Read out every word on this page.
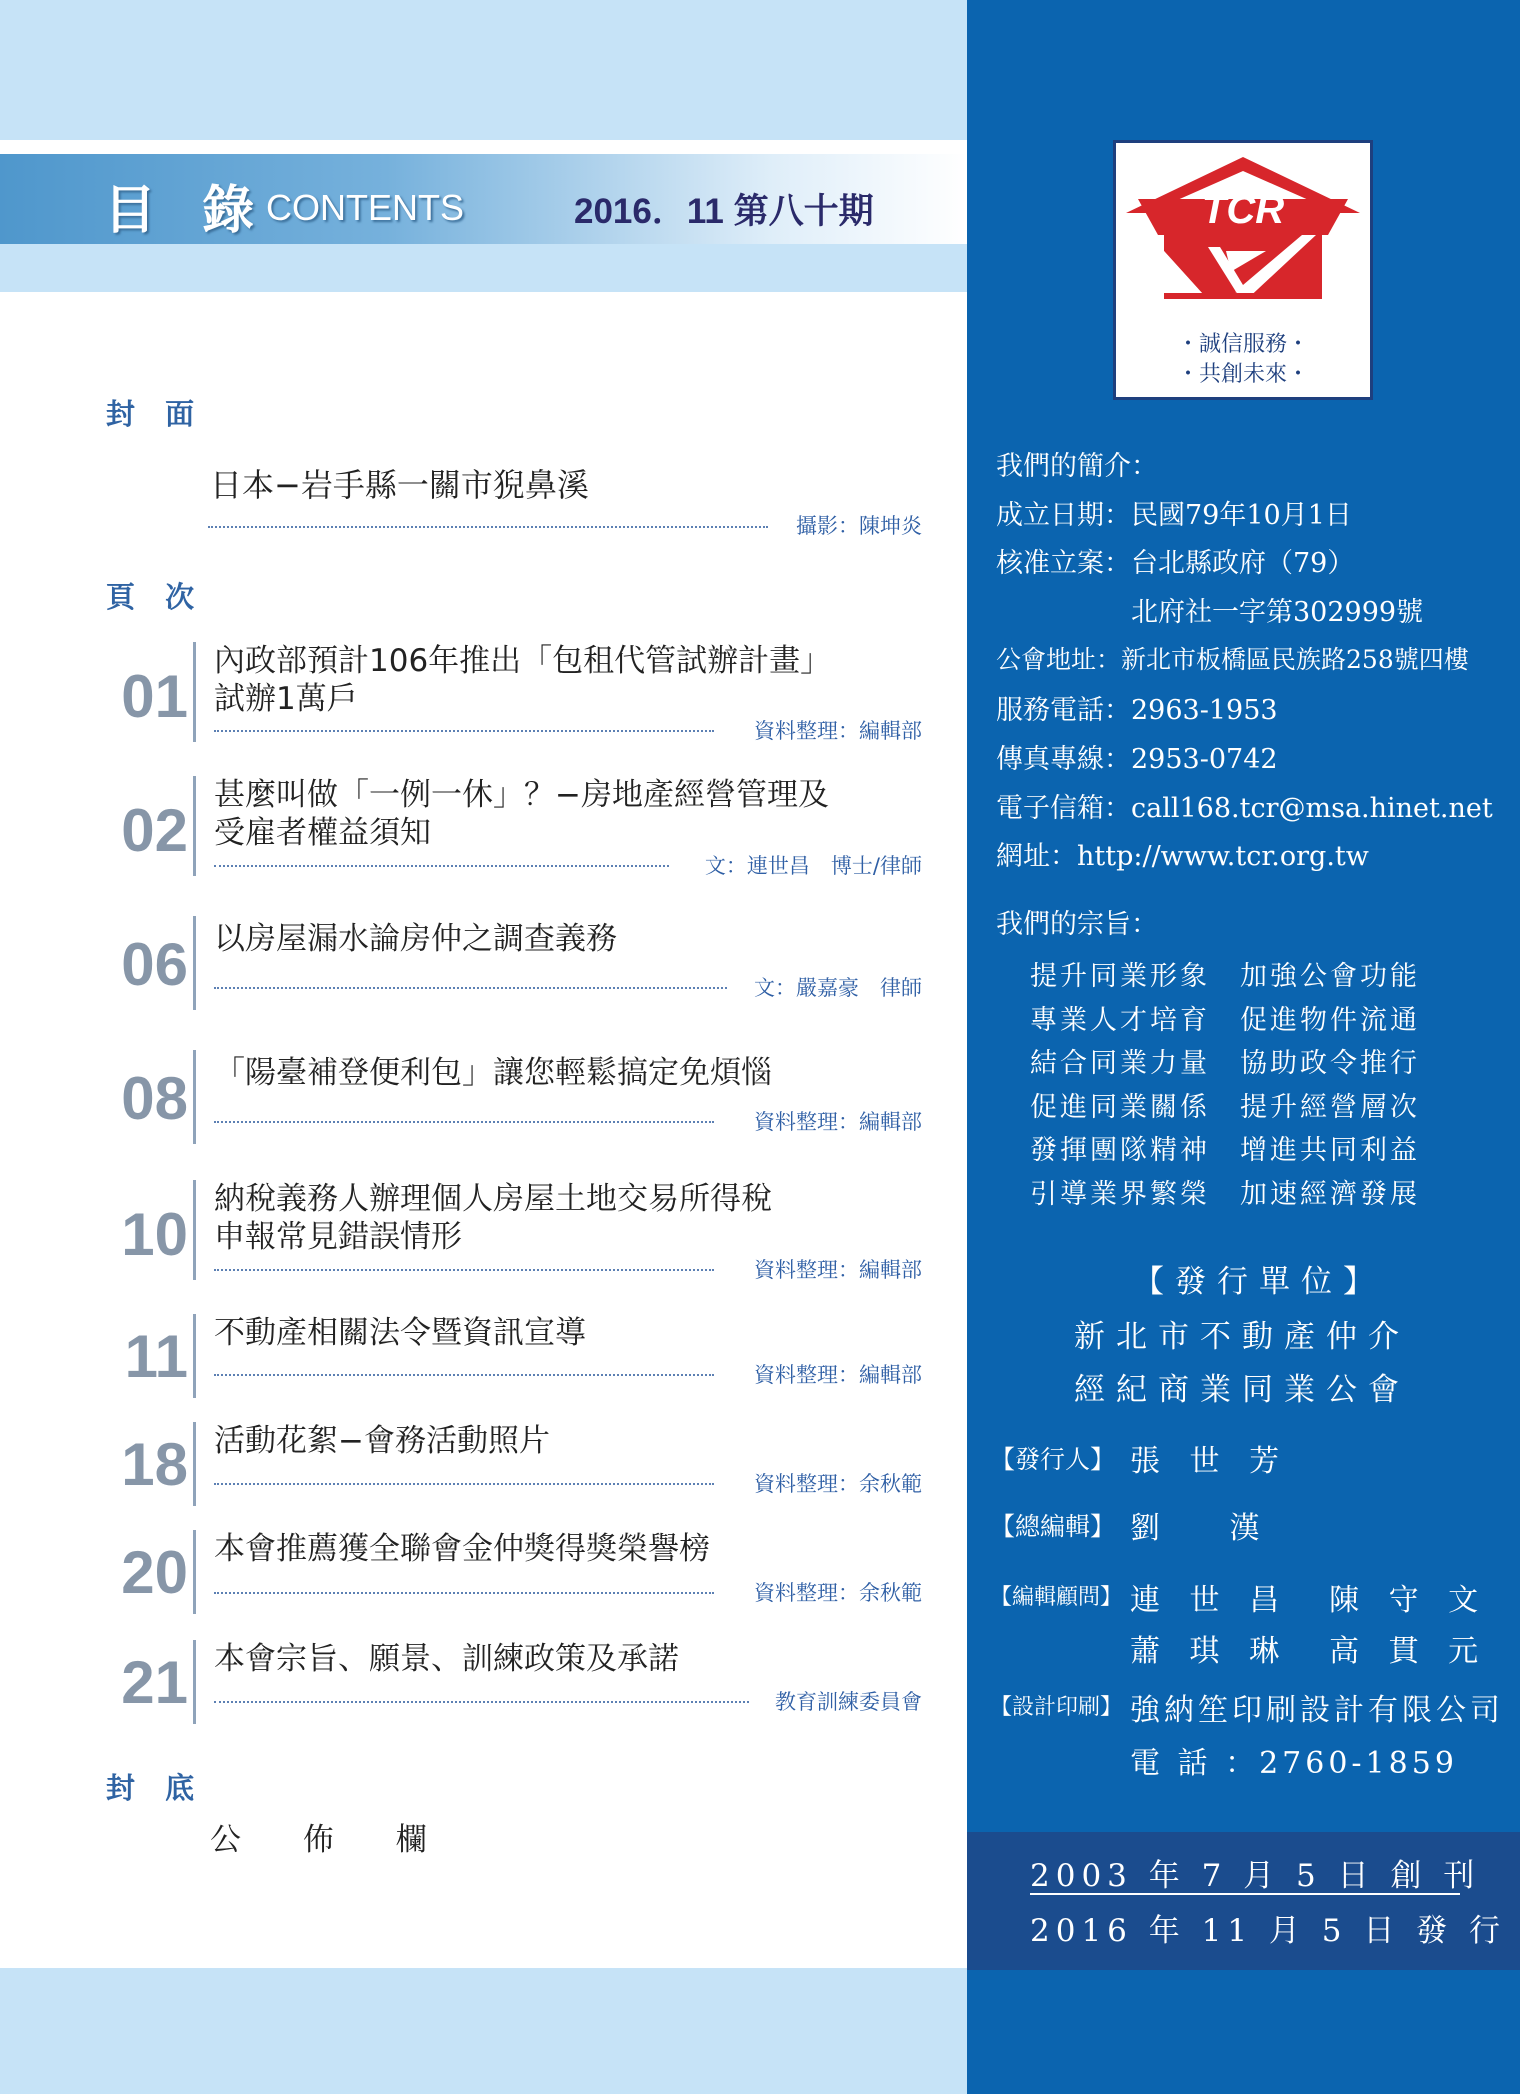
目 錄
CONTENTS	2016．11 第八十期
封 面
日本−岩手縣一關市猊鼻溪
攝影：陳坤炎
頁 次
01
內政部預計106年推出「包租代管試辦計畫」
試辦1萬戶
資料整理：編輯部
02
甚麼叫做「一例一休」？−房地產經營管理及
受雇者權益須知
文：連世昌　博士/律師
06 以房屋漏水論房仲之調查義務
文：嚴嘉豪　律師
08 「陽臺補登便利包」讓您輕鬆搞定免煩惱
資料整理：編輯部
10
納稅義務人辦理個人房屋土地交易所得稅
申報常見錯誤情形
資料整理：編輯部
11 不動產相關法令暨資訊宣導
資料整理：編輯部
18 活動花絮−會務活動照片
資料整理：余秋範
20 本會推薦獲全聯會金仲獎得獎榮譽榜
資料整理：余秋範
21 本會宗旨、願景、訓練政策及承諾
教育訓練委員會
封 底
公 佈 欄
TCR
・誠信服務・
・共創未來・
我們的簡介：
成立日期：民國79年10月1日
核准立案：台北縣政府（79）
　　　　　北府社一字第302999號
公會地址：新北市板橋區民族路258號四樓
服務電話：2963-1953
傳真專線：2953-0742
電子信箱：call168.tcr@msa.hinet.net
網址：http://www.tcr.org.tw
我們的宗旨：
提升同業形象　加強公會功能
專業人才培育　促進物件流通
結合同業力量　協助政令推行
促進同業關係　提升經營層次
發揮團隊精神　增進共同利益
引導業界繁榮　加速經濟發展
【發行單位】
新北市不動產仲介
經紀商業同業公會
【發行人】 張 世 芳
【總編輯】 劉　 漢
【編輯顧問】 連 世 昌　陳 守 文
蕭 琪 琳　高 貫 元
【設計印刷】 強納笙印刷設計有限公司
電 話 ：2760-1859
2003 年 7 月 5 日 創 刊
2016 年 11 月 5 日 發 行
